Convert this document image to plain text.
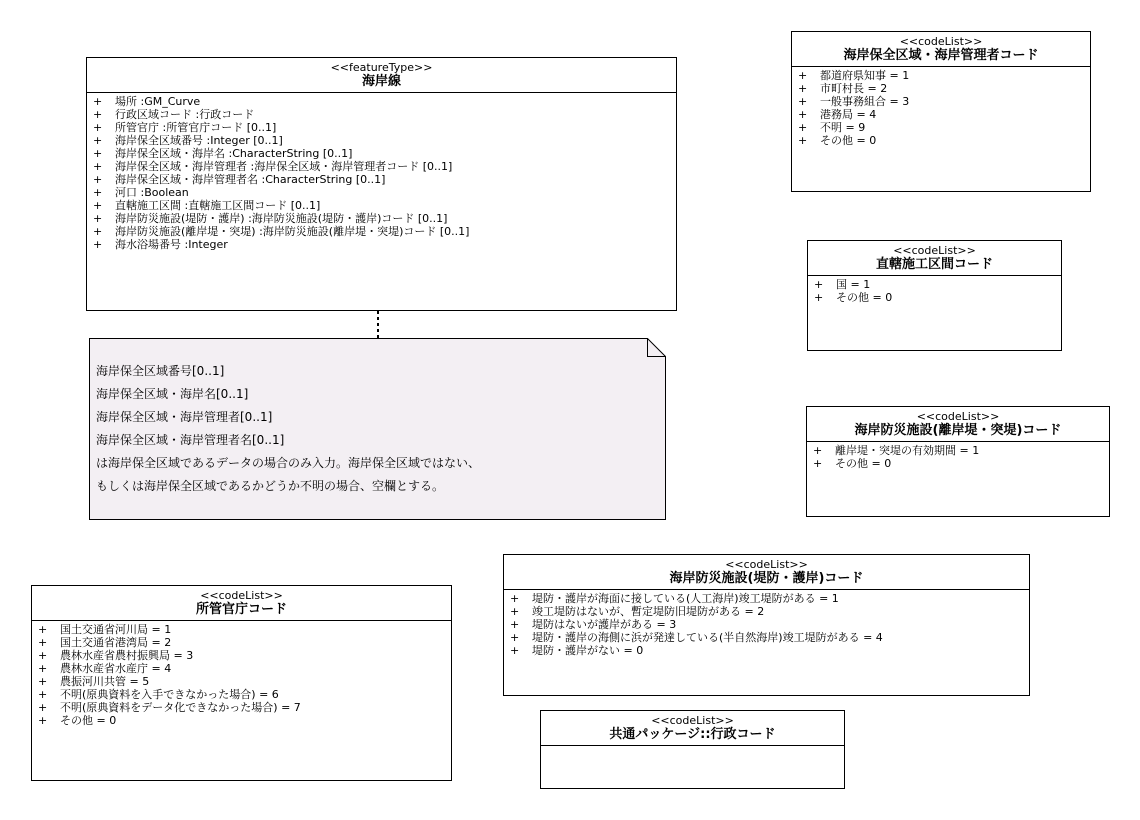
<<featureType>>
海岸線
+	場所 :GM_Curve
+	行政区域コード :行政コード
+	所管官庁 :所管官庁コード [0..1]
+	海岸保全区域番号 :Integer [0..1]
+	海岸保全区域・海岸名 :CharacterString [0..1]
+	海岸保全区域・海岸管理者 :海岸保全区域・海岸管理者コード [0..1]
+	海岸保全区域・海岸管理者名 :CharacterString [0..1]
+	河口 :Boolean
+	直轄施工区間 :直轄施工区間コード [0..1]
+	海岸防災施設(堤防・護岸) :海岸防災施設(堤防・護岸)コード [0..1]
+	海岸防災施設(離岸堤・突堤) :海岸防災施設(離岸堤・突堤)コード [0..1]
+	海水浴場番号 :Integer
海岸保全区域番号[0..1]
海岸保全区域・海岸名[0..1]
海岸保全区域・海岸管理者[0..1]
海岸保全区域・海岸管理者名[0..1]
は海岸保全区域であるデータの場合のみ入力。海岸保全区域ではない、
もしくは海岸保全区域であるかどうか不明の場合、空欄とする。
<<codeList>>
海岸保全区域・海岸管理者コード
+	都道府県知事 = 1
+	市町村長 = 2
+	一般事務組合 = 3
+	港務局 = 4
+	不明 = 9
+	その他 = 0
<<codeList>>
直轄施工区間コード
+	国 = 1
+	その他 = 0
<<codeList>>
海岸防災施設(離岸堤・突堤)コード
+	離岸堤・突堤の有効期間 = 1
+	その他 = 0
<<codeList>>
海岸防災施設(堤防・護岸)コード
+	堤防・護岸が海面に接している(人工海岸)竣工堤防がある = 1
+	竣工堤防はないが、暫定堤防旧堤防がある = 2
+	堤防はないが護岸がある = 3
+	堤防・護岸の海側に浜が発達している(半自然海岸)竣工堤防がある = 4
+	堤防・護岸がない = 0
<<codeList>>
所管官庁コード
+	国土交通省河川局 = 1
+	国土交通省港湾局 = 2
+	農林水産省農村振興局 = 3
+	農林水産省水産庁 = 4
+	農振河川共管 = 5
+	不明(原典資料を入手できなかった場合) = 6
+	不明(原典資料をデータ化できなかった場合) = 7
+	その他 = 0	<<codeList>>
共通パッケージ::行政コード
